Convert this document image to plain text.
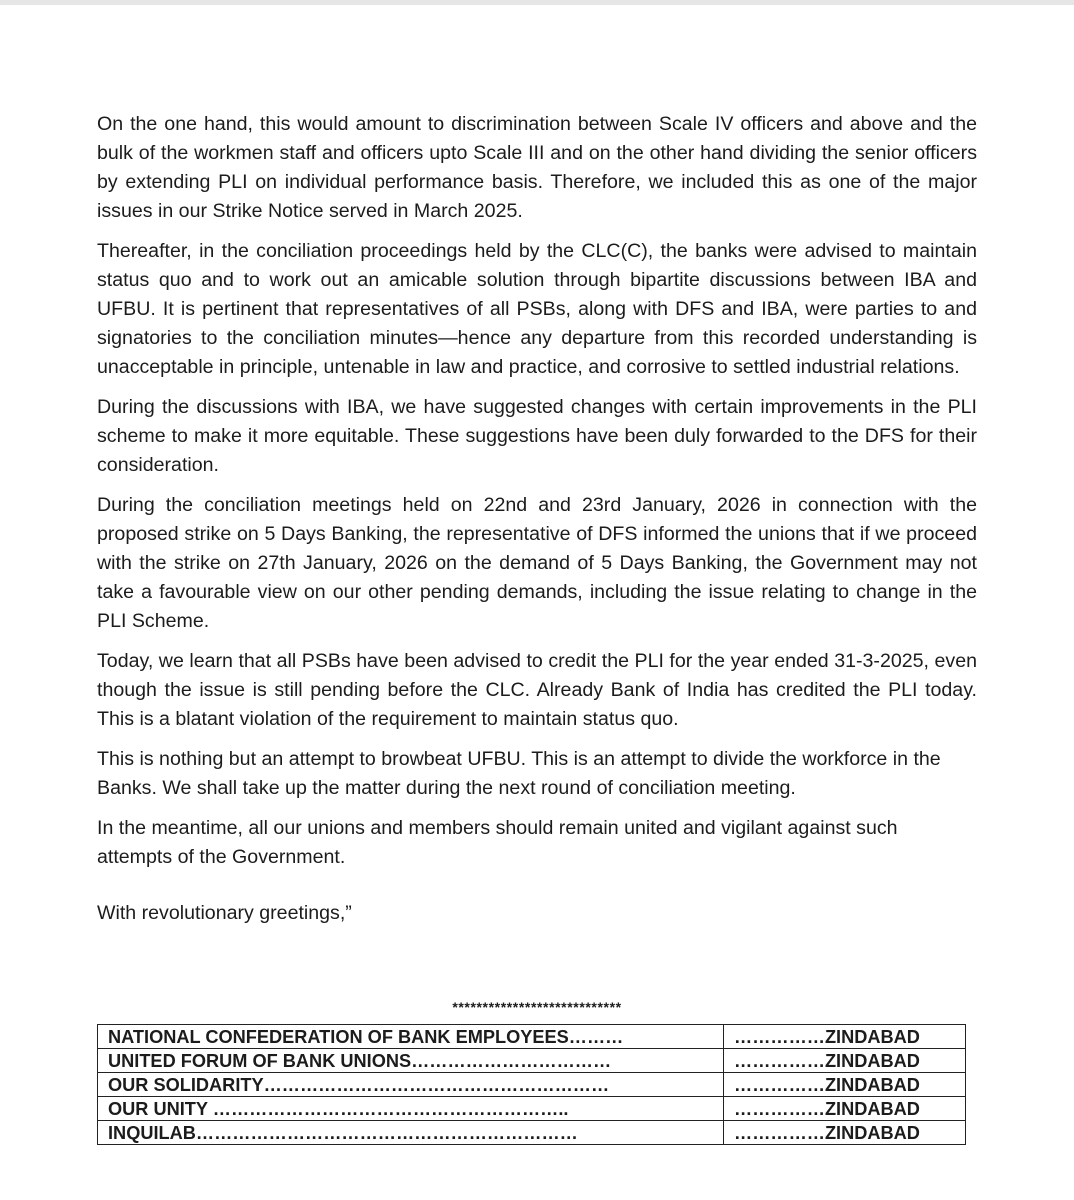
On the one hand, this would amount to discrimination between Scale IV officers and above and the bulk of the workmen staff and officers upto Scale III and on the other hand dividing the senior officers by extending PLI on individual performance basis. Therefore, we included this as one of the major issues in our Strike Notice served in March 2025.

Thereafter, in the conciliation proceedings held by the CLC(C), the banks were advised to maintain status quo and to work out an amicable solution through bipartite discussions between IBA and UFBU. It is pertinent that representatives of all PSBs, along with DFS and IBA, were parties to and signatories to the conciliation minutes—hence any departure from this recorded understanding is unacceptable in principle, untenable in law and practice, and corrosive to settled industrial relations.

During the discussions with IBA, we have suggested changes with certain improvements in the PLI scheme to make it more equitable. These suggestions have been duly forwarded to the DFS for their consideration.

During the conciliation meetings held on 22nd and 23rd January, 2026 in connection with the proposed strike on 5 Days Banking, the representative of DFS informed the unions that if we proceed with the strike on 27th January, 2026 on the demand of 5 Days Banking, the Government may not take a favourable view on our other pending demands, including the issue relating to change in the PLI Scheme.

Today, we learn that all PSBs have been advised to credit the PLI for the year ended 31-3-2025, even though the issue is still pending before the CLC. Already Bank of India has credited the PLI today. This is a blatant violation of the requirement to maintain status quo.

This is nothing but an attempt to browbeat UFBU. This is an attempt to divide the workforce in the Banks. We shall take up the matter during the next round of conciliation meeting.

In the meantime, all our unions and members should remain united and vigilant against such attempts of the Government.

With revolutionary greetings,”

****************************
NATIONAL CONFEDERATION OF BANK EMPLOYEES………	……………ZINDABAD
UNITED FORUM OF BANK UNIONS……………………………	……………ZINDABAD
OUR SOLIDARITY…………………………………………………	……………ZINDABAD
OUR UNITY …………………………………………………..	……………ZINDABAD
INQUILAB………………………………………………………	……………ZINDABAD
